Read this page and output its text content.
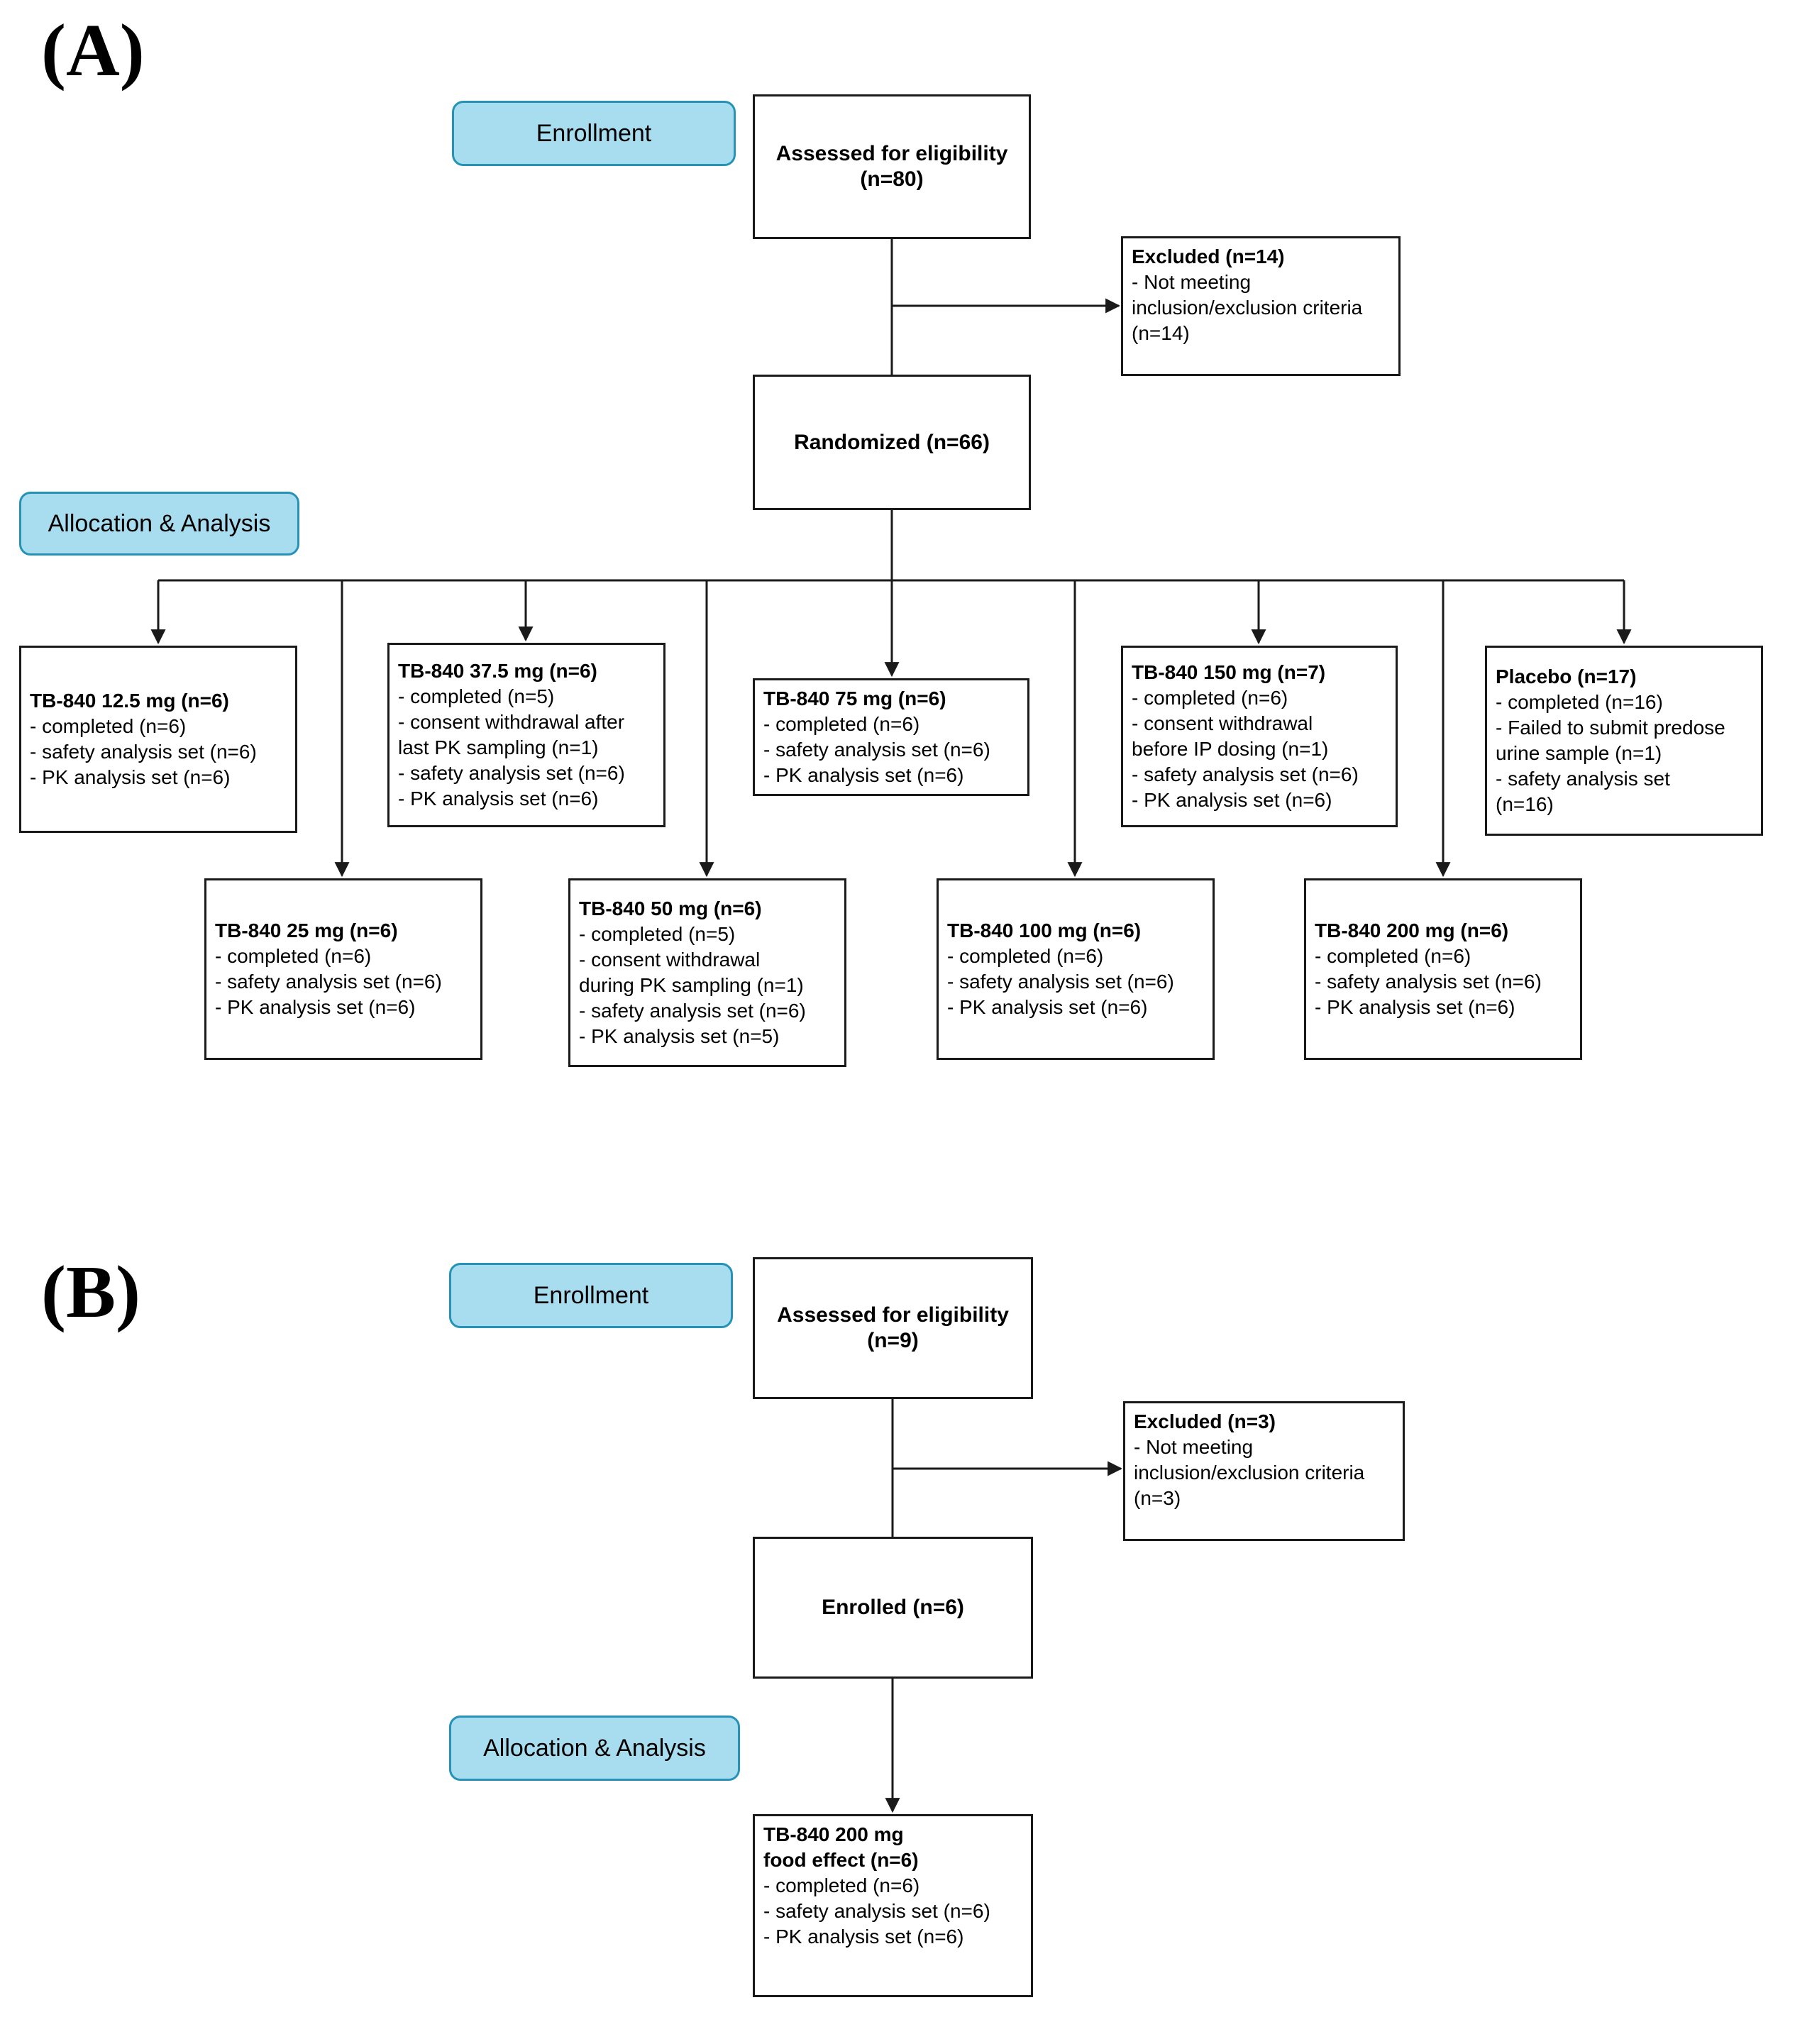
(A)
Enrollment
Assessed for eligibility
(n=80)
Excluded (n=14)
- Not meeting
inclusion/exclusion criteria
(n=14)
Randomized (n=66)
Allocation & Analysis
TB-840 12.5 mg (n=6)
- completed (n=6)
- safety analysis set (n=6)
- PK analysis set (n=6)
TB-840 25 mg (n=6)
- completed (n=6)
- safety analysis set (n=6)
- PK analysis set (n=6)
TB-840 37.5 mg (n=6)
- completed (n=5)
- consent withdrawal after
last PK sampling (n=1)
- safety analysis set (n=6)
- PK analysis set (n=6)
TB-840 50 mg (n=6)
- completed (n=5)
- consent withdrawal
during PK sampling (n=1)
- safety analysis set (n=6)
- PK analysis set (n=5)
TB-840 75 mg (n=6)
- completed (n=6)
- safety analysis set (n=6)
- PK analysis set (n=6)
TB-840 100 mg (n=6)
- completed (n=6)
- safety analysis set (n=6)
- PK analysis set (n=6)
TB-840 150 mg (n=7)
- completed (n=6)
- consent withdrawal
before IP dosing (n=1)
- safety analysis set (n=6)
- PK analysis set (n=6)
TB-840 200 mg (n=6)
- completed (n=6)
- safety analysis set (n=6)
- PK analysis set (n=6)
Placebo (n=17)
- completed (n=16)
- Failed to submit predose
urine sample (n=1)
- safety analysis set
(n=16)
(B)	Enrollment
Assessed for eligibility
(n=9)
Excluded (n=3)
- Not meeting
inclusion/exclusion criteria
(n=3)
Enrolled (n=6)
Allocation & Analysis
TB-840 200 mg
food effect (n=6)
- completed (n=6)
- safety analysis set (n=6)
- PK analysis set (n=6)
